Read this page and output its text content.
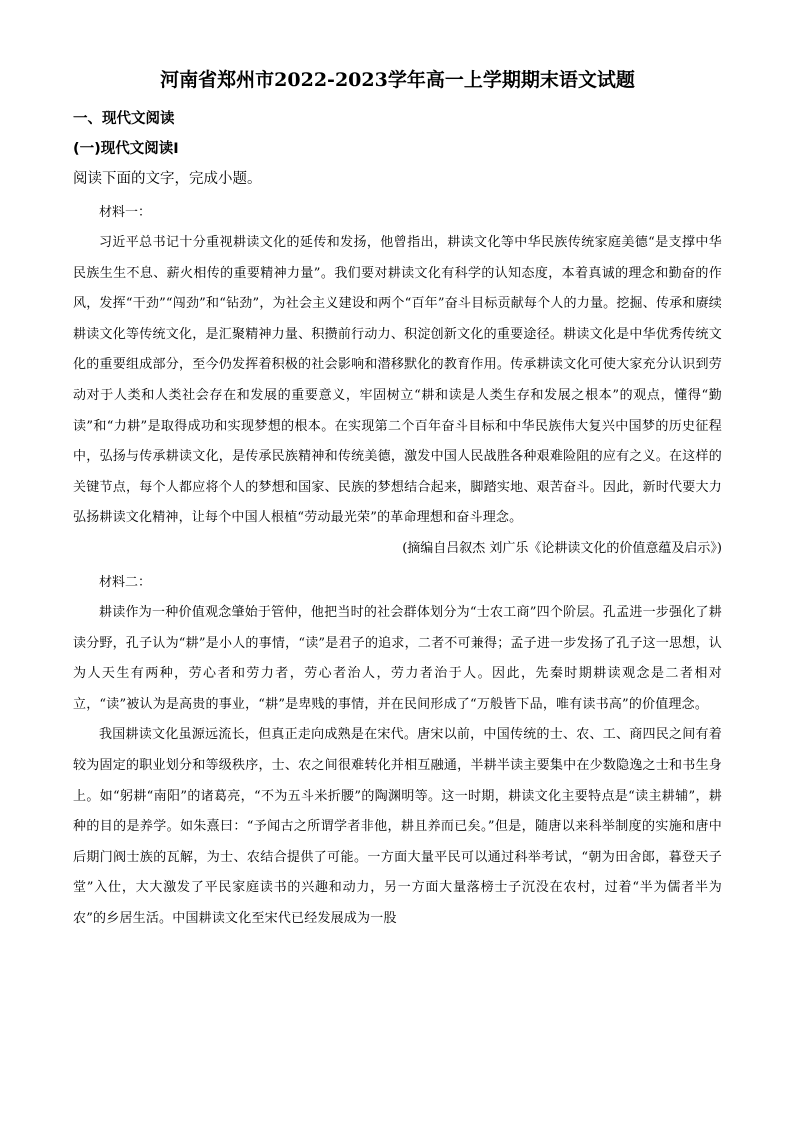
河南省郑州市2022-2023学年高一上学期期末语文试题
一、现代文阅读
(一)现代文阅读Ⅰ
阅读下面的文字，完成小题。
材料一：

习近平总书记十分重视耕读文化的延传和发扬，他曾指出，耕读文化等中华民族传统家庭美德“是支撑中华民族生生不息、薪火相传的重要精神力量”。我们要对耕读文化有科学的认知态度，本着真诚的理念和勤奋的作风，发挥“干劲”“闯劲”和“钻劲”，为社会主义建设和两个“百年”奋斗目标贡献每个人的力量。挖掘、传承和赓续耕读文化等传统文化，是汇聚精神力量、积攒前行动力、积淀创新文化的重要途径。耕读文化是中华优秀传统文化的重要组成部分，至今仍发挥着积极的社会影响和潜移默化的教育作用。传承耕读文化可使大家充分认识到劳动对于人类和人类社会存在和发展的重要意义，牢固树立“耕和读是人类生存和发展之根本”的观点，懂得“勤读”和“力耕”是取得成功和实现梦想的根本。在实现第二个百年奋斗目标和中华民族伟大复兴中国梦的历史征程中，弘扬与传承耕读文化，是传承民族精神和传统美德，激发中国人民战胜各种艰难险阻的应有之义。在这样的关键节点，每个人都应将个人的梦想和国家、民族的梦想结合起来，脚踏实地、艰苦奋斗。因此，新时代要大力弘扬耕读文化精神，让每个中国人根植“劳动最光荣”的革命理想和奋斗理念。

(摘编自吕叙杰 刘广乐《论耕读文化的价值意蕴及启示》)
材料二：

耕读作为一种价值观念肇始于管仲，他把当时的社会群体划分为“士农工商”四个阶层。孔孟进一步强化了耕读分野，孔子认为“耕”是小人的事情，“读”是君子的追求，二者不可兼得；孟子进一步发扬了孔子这一思想，认为人天生有两种，劳心者和劳力者，劳心者治人，劳力者治于人。因此，先秦时期耕读观念是二者相对立，“读”被认为是高贵的事业，“耕”是卑贱的事情，并在民间形成了“万般皆下品，唯有读书高”的价值理念。

我国耕读文化虽源远流长，但真正走向成熟是在宋代。唐宋以前，中国传统的士、农、工、商四民之间有着较为固定的职业划分和等级秩序，士、农之间很难转化并相互融通，半耕半读主要集中在少数隐逸之士和书生身上。如“躬耕“南阳”的诸葛亮，“不为五斗米折腰”的陶渊明等。这一时期，耕读文化主要特点是“读主耕辅”，耕种的目的是养学。如朱熹曰：“予闻古之所谓学者非他，耕且养而已矣。”但是，随唐以来科举制度的实施和唐中后期门阀士族的瓦解，为士、农结合提供了可能。一方面大量平民可以通过科举考试，“朝为田舍郎，暮登天子堂”入仕，大大激发了平民家庭读书的兴趣和动力，另一方面大量落榜士子沉没在农村，过着“半为儒者半为农”的乡居生活。中国耕读文化至宋代已经发展成为一股
